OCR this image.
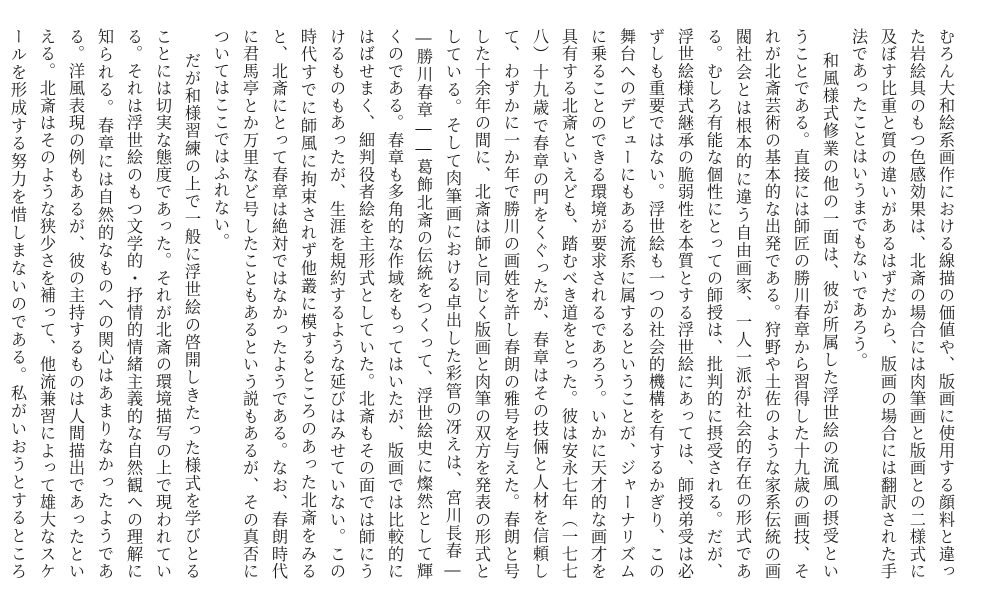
むろん大和絵系画作における線描の価値や、版画に使用する顔料と違った岩絵具のもつ色感効果は、北斎の場合には肉筆画と版画との二様式に及ぼす比重と質の違いがあるはずだから、版画の場合には翻訳された手法であったことはいうまでもないであろう。

和風様式修業の他の一面は、彼が所属した浮世絵の流風の摂受ということである。直接には師匠の勝川春章から習得した十九歳の画技、それが北斎芸術の基本的な出発である。狩野や土佐のような家系伝統の画閥社会とは根本的に違う自由画家、一人一派が社会的存在の形式である。むしろ有能な個性にとっての師授は、批判的に摂受される。だが、浮世絵様式継承の脆弱性を本質とする浮世絵にあっては、師授弟受は必ずしも重要ではない。浮世絵も一つの社会的機構を有するかぎり、この舞台へのデビューにもある流系に属するということが、ジャーナリズムに乗ることのできる環境が要求されるであろう。いかに天才的な画才を具有する北斎といえども、踏むべき道をとった。彼は安永七年（一七七八）十九歳で春章の門をくぐったが、春章はその技倆と人材を信頼して、わずかに一か年で勝川の画姓を許し春朗の雅号を与えた。春朗と号した十余年の間に、北斎は師と同じく版画と肉筆の双方を発表の形式としている。そして肉筆画における卓出した彩管の冴えは、宮川長春――勝川春章――葛飾北斎の伝統をつくって、浮世絵史に燦然として輝くのである。春章も多角的な作域をもってはいたが、版画では比較的にはばせまく、細判役者絵を主形式としていた。北斎もその面では師にうけるものもあったが、生涯を規約するような延びはみせていない。この時代すでに師風に拘束されず他叢に模するところのあった北斎をみると、北斎にとって春章は絶対ではなかったようである。なお、春朗時代に君馬亭とか万里など号したこともあるという説もあるが、その真否についてはここではふれない。

だが和様習練の上で一般に浮世絵の啓開しきたった様式を学びとることには切実な態度であった。それが北斎の環境描写の上で現われている。それは浮世絵のもつ文学的・抒情的情緒主義的な自然観への理解に知られる。春章には自然的なものへの関心はあまりなかったようである。洋風表現の例もあるが、彼の主持するものは人間描出であったといえる。北斎はそのような狭少さを補って、他流兼習によって雄大なスケールを形成する努力を惜しまないのである。私がいおうとするところ
